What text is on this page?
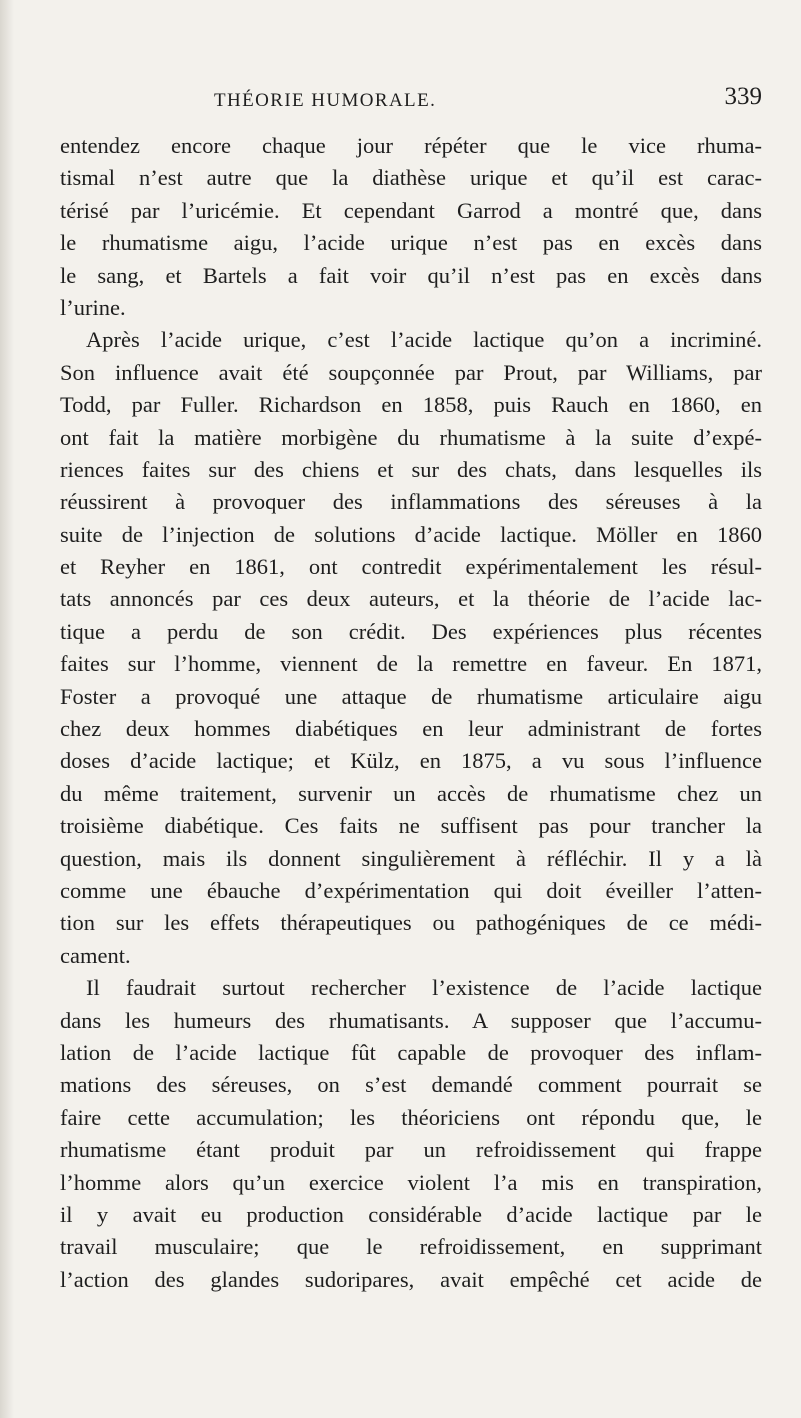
THÉORIE HUMORALE.	339
entendez encore chaque jour répéter que le vice rhuma-
tismal n’est autre que la diathèse urique et qu’il est carac-
térisé par l’uricémie. Et cependant Garrod a montré que, dans
le rhumatisme aigu, l’acide urique n’est pas en excès dans
le sang, et Bartels a fait voir qu’il n’est pas en excès dans
l’urine.
Après l’acide urique, c’est l’acide lactique qu’on a incriminé.
Son influence avait été soupçonnée par Prout, par Williams, par
Todd, par Fuller. Richardson en 1858, puis Rauch en 1860, en
ont fait la matière morbigène du rhumatisme à la suite d’expé-
riences faites sur des chiens et sur des chats, dans lesquelles ils
réussirent à provoquer des inflammations des séreuses à la
suite de l’injection de solutions d’acide lactique. Möller en 1860
et Reyher en 1861, ont contredit expérimentalement les résul-
tats annoncés par ces deux auteurs, et la théorie de l’acide lac-
tique a perdu de son crédit. Des expériences plus récentes
faites sur l’homme, viennent de la remettre en faveur. En 1871,
Foster a provoqué une attaque de rhumatisme articulaire aigu
chez deux hommes diabétiques en leur administrant de fortes
doses d’acide lactique; et Külz, en 1875, a vu sous l’influence
du même traitement, survenir un accès de rhumatisme chez un
troisième diabétique. Ces faits ne suffisent pas pour trancher la
question, mais ils donnent singulièrement à réfléchir. Il y a là
comme une ébauche d’expérimentation qui doit éveiller l’atten-
tion sur les effets thérapeutiques ou pathogéniques de ce médi-
cament.
Il faudrait surtout rechercher l’existence de l’acide lactique
dans les humeurs des rhumatisants. A supposer que l’accumu-
lation de l’acide lactique fût capable de provoquer des inflam-
mations des séreuses, on s’est demandé comment pourrait se
faire cette accumulation; les théoriciens ont répondu que, le
rhumatisme étant produit par un refroidissement qui frappe
l’homme alors qu’un exercice violent l’a mis en transpiration,
il y avait eu production considérable d’acide lactique par le
travail musculaire; que le refroidissement, en supprimant
l’action des glandes sudoripares, avait empêché cet acide de
